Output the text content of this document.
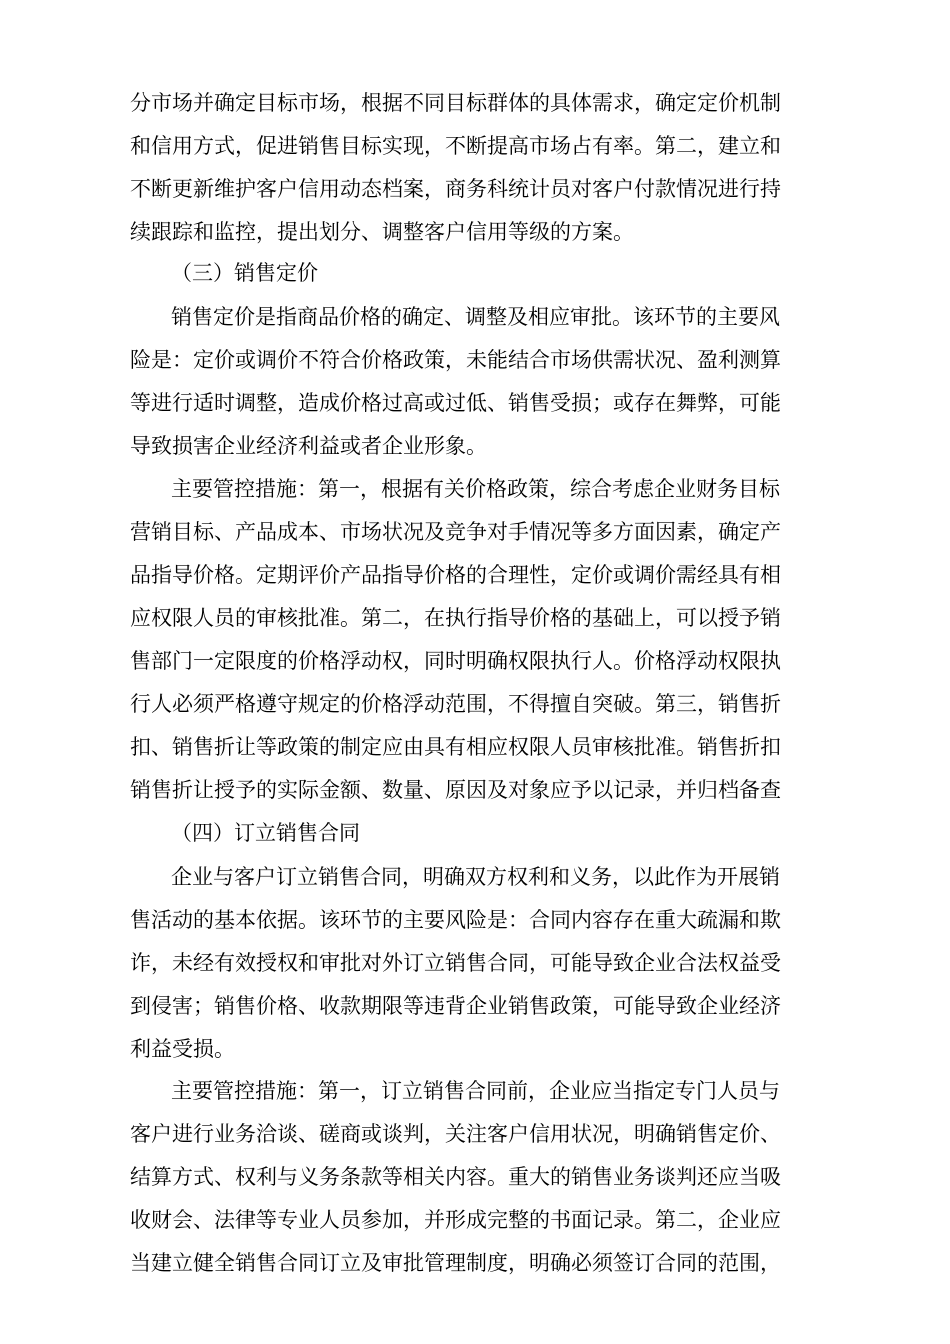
分市场并确定目标市场，根据不同目标群体的具体需求，确定定价机制
和信用方式，促进销售目标实现，不断提高市场占有率。第二，建立和
不断更新维护客户信用动态档案，商务科统计员对客户付款情况进行持
续跟踪和监控，提出划分、调整客户信用等级的方案。
（三）销售定价
销售定价是指商品价格的确定、调整及相应审批。该环节的主要风
险是：定价或调价不符合价格政策，未能结合市场供需状况、盈利测算
等进行适时调整，造成价格过高或过低、销售受损；或存在舞弊，可能
导致损害企业经济利益或者企业形象。
主要管控措施：第一，根据有关价格政策，综合考虑企业财务目标
营销目标、产品成本、市场状况及竞争对手情况等多方面因素，确定产
品指导价格。定期评价产品指导价格的合理性，定价或调价需经具有相
应权限人员的审核批准。第二，在执行指导价格的基础上，可以授予销
售部门一定限度的价格浮动权，同时明确权限执行人。价格浮动权限执
行人必须严格遵守规定的价格浮动范围，不得擅自突破。第三，销售折
扣、销售折让等政策的制定应由具有相应权限人员审核批准。销售折扣
销售折让授予的实际金额、数量、原因及对象应予以记录，并归档备查
（四）订立销售合同
企业与客户订立销售合同，明确双方权利和义务，以此作为开展销
售活动的基本依据。该环节的主要风险是：合同内容存在重大疏漏和欺
诈，未经有效授权和审批对外订立销售合同，可能导致企业合法权益受
到侵害；销售价格、收款期限等违背企业销售政策，可能导致企业经济
利益受损。
主要管控措施：第一，订立销售合同前，企业应当指定专门人员与
客户进行业务洽谈、磋商或谈判，关注客户信用状况，明确销售定价、
结算方式、权利与义务条款等相关内容。重大的销售业务谈判还应当吸
收财会、法律等专业人员参加，并形成完整的书面记录。第二，企业应
当建立健全销售合同订立及审批管理制度，明确必须签订合同的范围，
